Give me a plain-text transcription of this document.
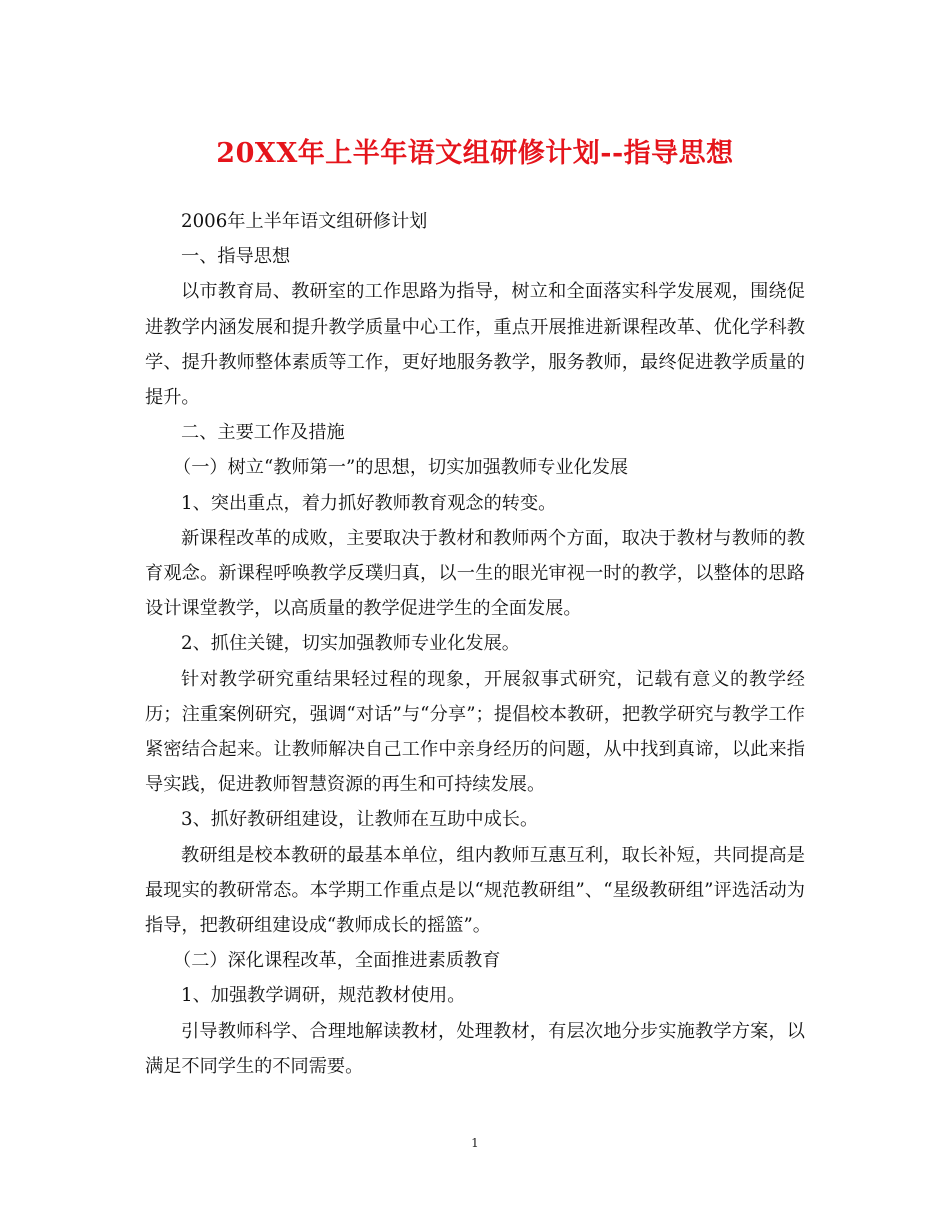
20XX年上半年语文组研修计划--指导思想

2006年上半年语文组研修计划

一、指导思想

以市教育局、教研室的工作思路为指导，树立和全面落实科学发展观，围绕促进教学内涵发展和提升教学质量中心工作，重点开展推进新课程改革、优化学科教学、提升教师整体素质等工作，更好地服务教学，服务教师，最终促进教学质量的提升。

二、主要工作及措施

（一）树立“教师第一”的思想，切实加强教师专业化发展

1、突出重点，着力抓好教师教育观念的转变。

新课程改革的成败，主要取决于教材和教师两个方面，取决于教材与教师的教育观念。新课程呼唤教学反璞归真，以一生的眼光审视一时的教学，以整体的思路设计课堂教学，以高质量的教学促进学生的全面发展。

2、抓住关键，切实加强教师专业化发展。

针对教学研究重结果轻过程的现象，开展叙事式研究，记载有意义的教学经历；注重案例研究，强调“对话”与“分享”；提倡校本教研，把教学研究与教学工作紧密结合起来。让教师解决自己工作中亲身经历的问题，从中找到真谛，以此来指导实践，促进教师智慧资源的再生和可持续发展。

3、抓好教研组建设，让教师在互助中成长。

教研组是校本教研的最基本单位，组内教师互惠互利，取长补短，共同提高是最现实的教研常态。本学期工作重点是以“规范教研组”、“星级教研组”评选活动为指导，把教研组建设成“教师成长的摇篮”。

（二）深化课程改革，全面推进素质教育

1、加强教学调研，规范教材使用。

引导教师科学、合理地解读教材，处理教材，有层次地分步实施教学方案，以满足不同学生的不同需要。

1
